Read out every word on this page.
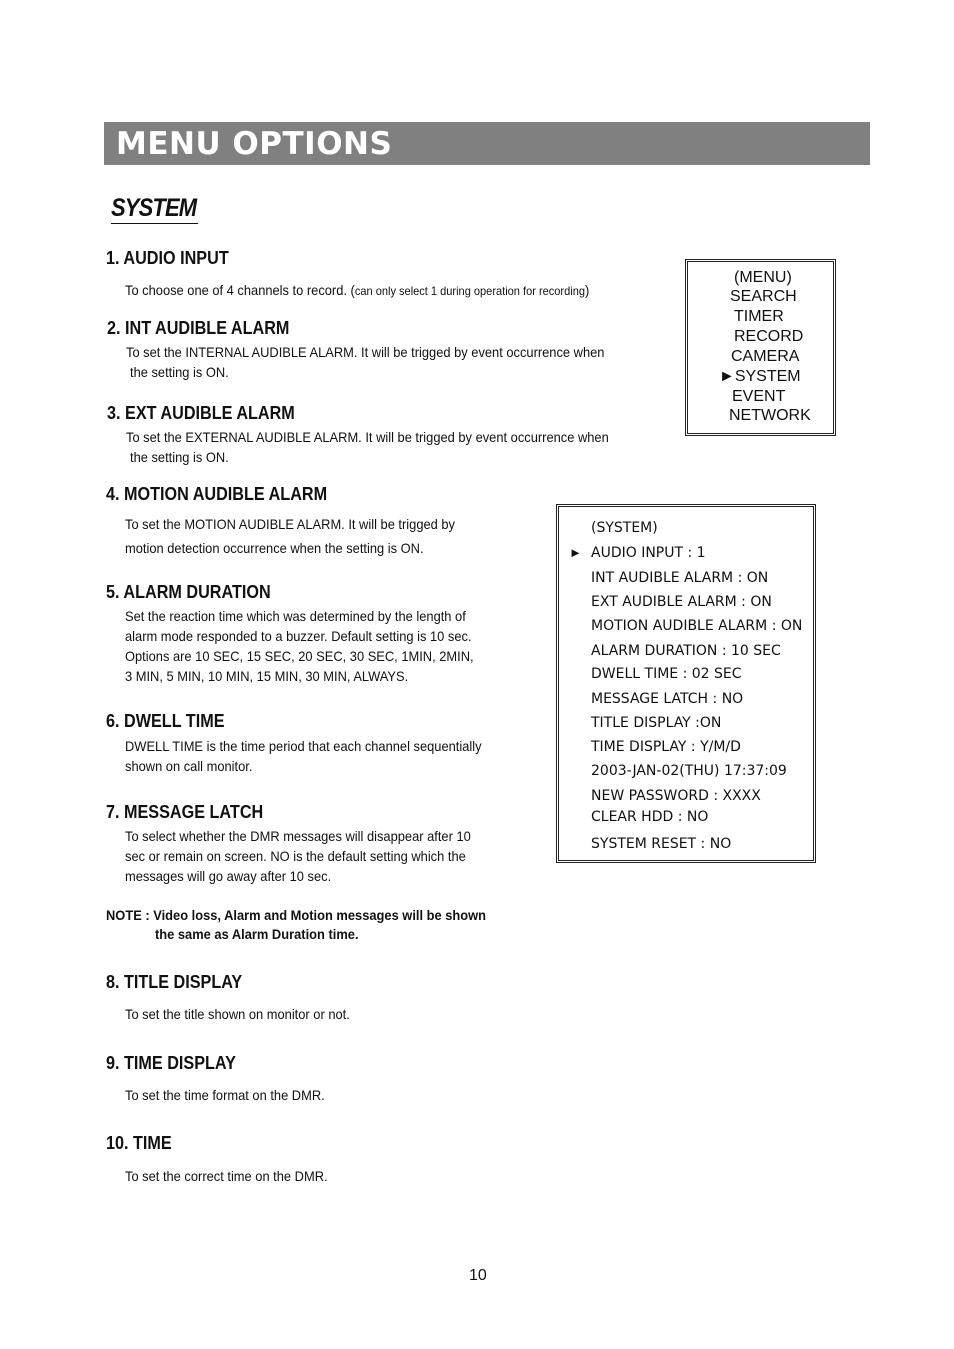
MENU OPTIONS
SYSTEM
1. AUDIO INPUT
To choose one of 4 channels to record. (can only select 1 during operation for recording)
2. INT AUDIBLE ALARM
To set the INTERNAL AUDIBLE ALARM. It will be trigged by event occurrence when
the setting is ON.
3. EXT AUDIBLE ALARM
To set the EXTERNAL AUDIBLE ALARM. It will be trigged by event occurrence when
the setting is ON.
4. MOTION AUDIBLE ALARM
To set the MOTION AUDIBLE ALARM. It will be trigged by
motion detection occurrence when the setting is ON.
5. ALARM DURATION
Set the reaction time which was determined by the length of
alarm mode responded to a buzzer. Default setting is 10 sec.
Options are 10 SEC, 15 SEC, 20 SEC, 30 SEC, 1MIN, 2MIN,
3 MIN, 5 MIN, 10 MIN, 15 MIN, 30 MIN, ALWAYS.
6. DWELL TIME
DWELL TIME is the time period that each channel sequentially
shown on call monitor.
7. MESSAGE LATCH
To select whether the DMR messages will disappear after 10
sec or remain on screen. NO is the default setting which the
messages will go away after 10 sec.
NOTE : Video loss, Alarm and Motion messages will be shown
the same as Alarm Duration time.
8. TITLE DISPLAY
To set the title shown on monitor or not.
9. TIME DISPLAY
To set the time format on the DMR.
10. TIME
To set the correct time on the DMR.
(MENU)
SEARCH
TIMER
RECORD
CAMERA
►SYSTEM
EVENT
NETWORK
►
(SYSTEM)
AUDIO INPUT : 1
INT AUDIBLE ALARM : ON
EXT AUDIBLE ALARM : ON
MOTION AUDIBLE ALARM : ON
ALARM DURATION : 10 SEC
DWELL TIME : 02 SEC
MESSAGE LATCH : NO
TITLE DISPLAY :ON
TIME DISPLAY : Y/M/D
2003-JAN-02(THU) 17:37:09
NEW PASSWORD : XXXX
CLEAR HDD : NO
SYSTEM RESET : NO
10
